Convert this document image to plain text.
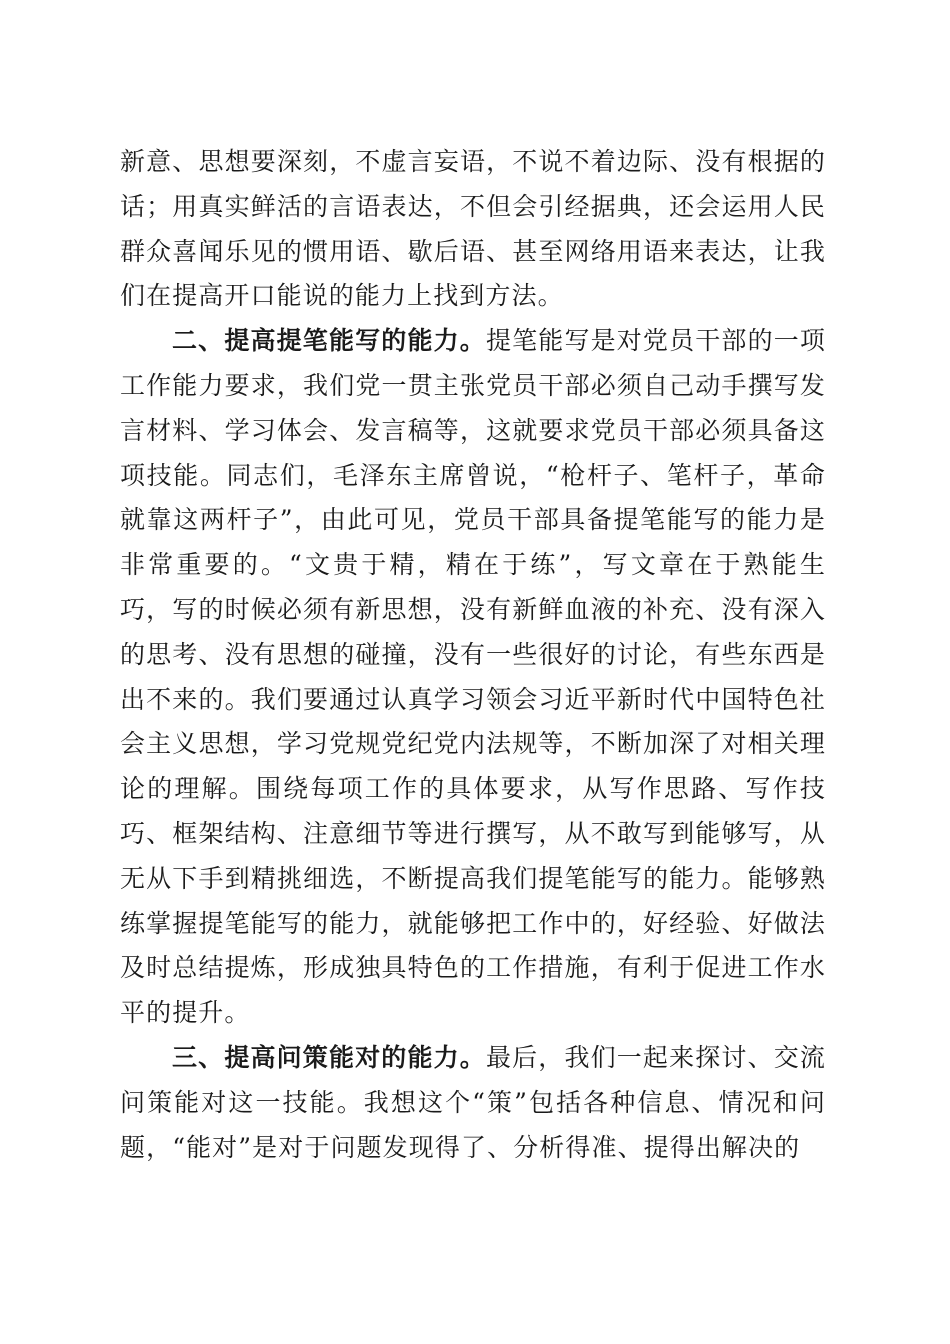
新意、思想要深刻，不虚言妄语，不说不着边际、没有根据的话；用真实鲜活的言语表达，不但会引经据典，还会运用人民群众喜闻乐见的惯用语、歇后语、甚至网络用语来表达，让我们在提高开口能说的能力上找到方法。

二、提高提笔能写的能力。提笔能写是对党员干部的一项工作能力要求，我们党一贯主张党员干部必须自己动手撰写发言材料、学习体会、发言稿等，这就要求党员干部必须具备这项技能。同志们，毛泽东主席曾说，“枪杆子、笔杆子，革命就靠这两杆子”，由此可见，党员干部具备提笔能写的能力是非常重要的。“文贵于精，精在于练”，写文章在于熟能生巧，写的时候必须有新思想，没有新鲜血液的补充、没有深入的思考、没有思想的碰撞，没有一些很好的讨论，有些东西是出不来的。我们要通过认真学习领会习近平新时代中国特色社会主义思想，学习党规党纪党内法规等，不断加深了对相关理论的理解。围绕每项工作的具体要求，从写作思路、写作技巧、框架结构、注意细节等进行撰写，从不敢写到能够写，从无从下手到精挑细选，不断提高我们提笔能写的能力。能够熟练掌握提笔能写的能力，就能够把工作中的，好经验、好做法及时总结提炼，形成独具特色的工作措施，有利于促进工作水平的提升。

三、提高问策能对的能力。最后，我们一起来探讨、交流问策能对这一技能。我想这个“策”包括各种信息、情况和问题，“能对”是对于问题发现得了、分析得准、提得出解决的
